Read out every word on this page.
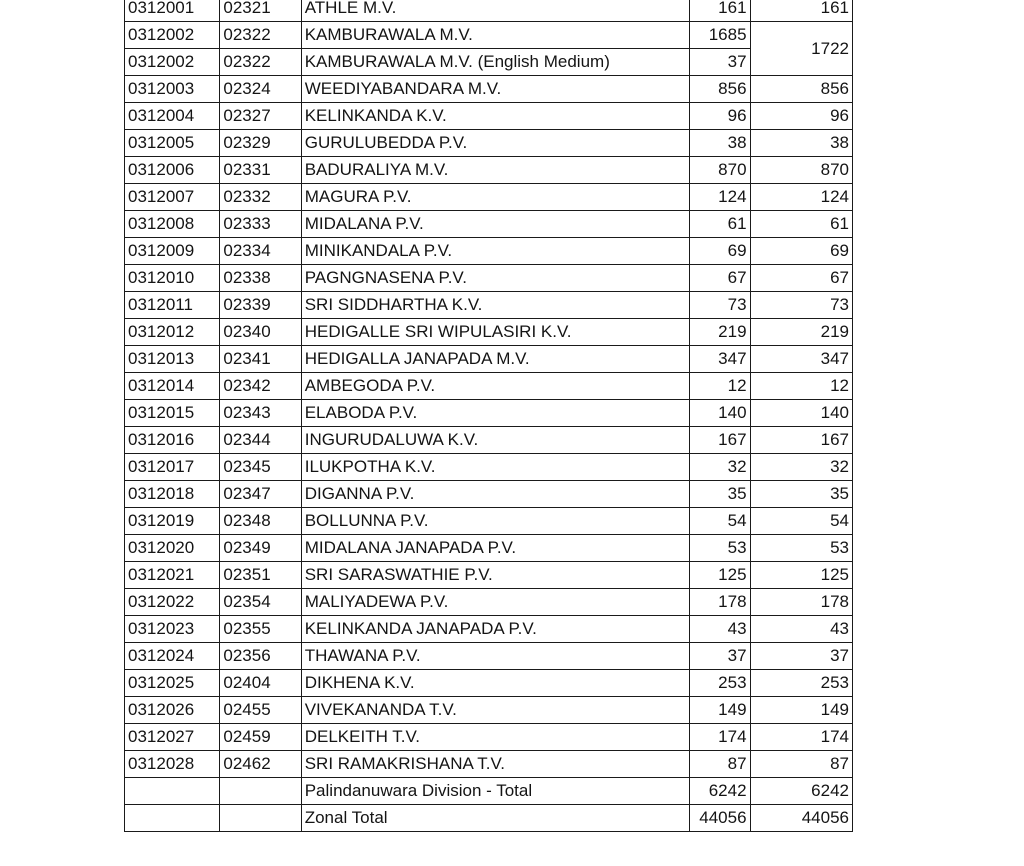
0312001	02321	ATHLE M.V.	161	161
0312002	02322	KAMBURAWALA M.V.	1685	1722
0312002	02322	KAMBURAWALA M.V. (English Medium)	37	
0312003	02324	WEEDIYABANDARA M.V.	856	856
0312004	02327	KELINKANDA K.V.	96	96
0312005	02329	GURULUBEDDA P.V.	38	38
0312006	02331	BADURALIYA M.V.	870	870
0312007	02332	MAGURA P.V.	124	124
0312008	02333	MIDALANA P.V.	61	61
0312009	02334	MINIKANDALA P.V.	69	69
0312010	02338	PAGNGNASENA P.V.	67	67
0312011	02339	SRI SIDDHARTHA K.V.	73	73
0312012	02340	HEDIGALLE SRI WIPULASIRI K.V.	219	219
0312013	02341	HEDIGALLA JANAPADA M.V.	347	347
0312014	02342	AMBEGODA P.V.	12	12
0312015	02343	ELABODA P.V.	140	140
0312016	02344	INGURUDALUWA K.V.	167	167
0312017	02345	ILUKPOTHA K.V.	32	32
0312018	02347	DIGANNA P.V.	35	35
0312019	02348	BOLLUNNA P.V.	54	54
0312020	02349	MIDALANA JANAPADA P.V.	53	53
0312021	02351	SRI SARASWATHIE P.V.	125	125
0312022	02354	MALIYADEWA P.V.	178	178
0312023	02355	KELINKANDA JANAPADA P.V.	43	43
0312024	02356	THAWANA P.V.	37	37
0312025	02404	DIKHENA K.V.	253	253
0312026	02455	VIVEKANANDA T.V.	149	149
0312027	02459	DELKEITH T.V.	174	174
0312028	02462	SRI RAMAKRISHANA T.V.	87	87
		Palindanuwara Division - Total	6242	6242
		Zonal Total	44056	44056
